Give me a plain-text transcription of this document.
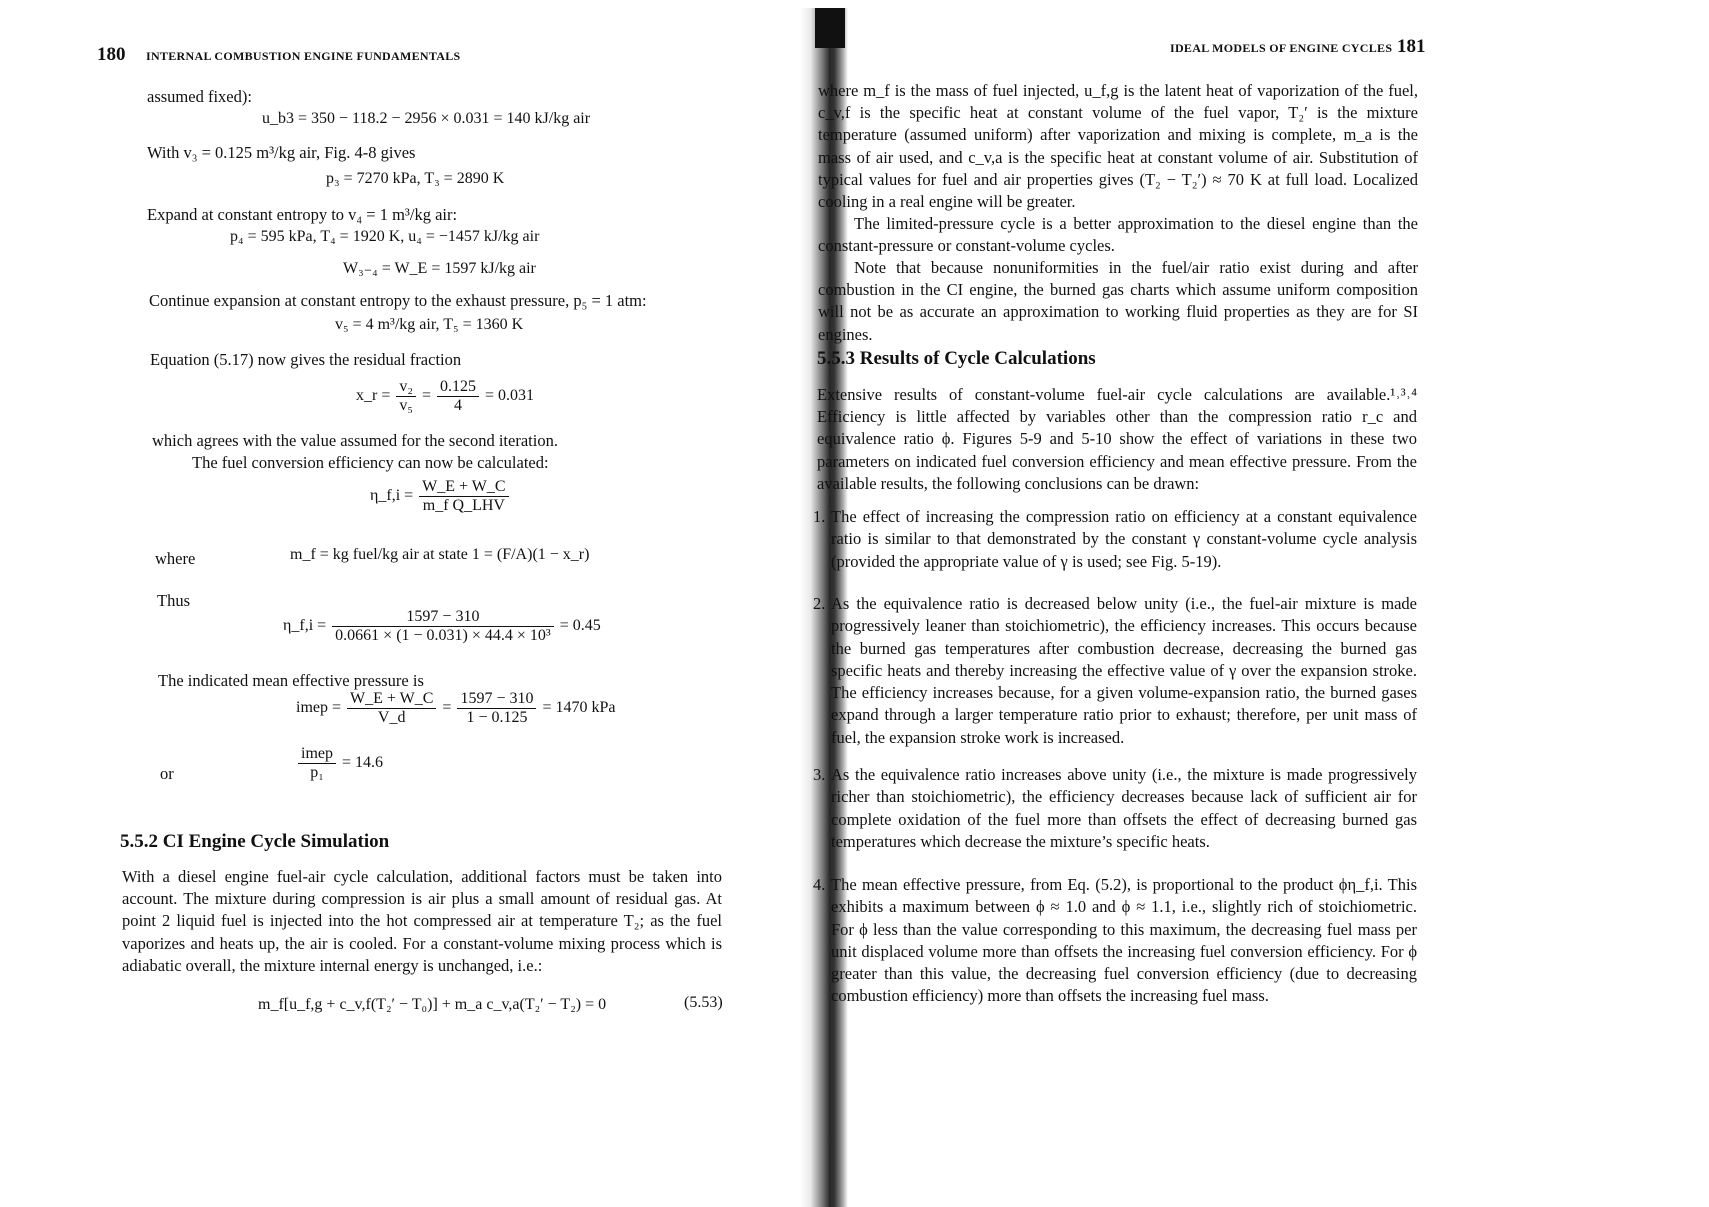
180 INTERNAL COMBUSTION ENGINE FUNDAMENTALS
assumed fixed):
u_b3 = 350 − 118.2 − 2956 × 0.031 = 140 kJ/kg air
With v₃ = 0.125 m³/kg air, Fig. 4-8 gives
p₃ = 7270 kPa, T₃ = 2890 K
Expand at constant entropy to v₄ = 1 m³/kg air:
p₄ = 595 kPa, T₄ = 1920 K, u₄ = −1457 kJ/kg air
W₃₋₄ = W_E = 1597 kJ/kg air
Continue expansion at constant entropy to the exhaust pressure, p₅ = 1 atm:
v₅ = 4 m³/kg air, T₅ = 1360 K
Equation (5.17) now gives the residual fraction
x_r = $\frac{\text{v₂}}{\text{v₅}} = \frac{0.125}{4} = 0.031$
which agrees with the value assumed for the second iteration.
The fuel conversion efficiency can now be calculated:
η_f,i = $\frac{W\_E + W\_C}{\text{m\_f Q\_LHV}}$
where	m_f = kg fuel/kg air at state 1 = (F/A)(1 − x_r)
Thus
η_f,i = $\frac{1597 - 310}{\text{0.0661 × (1 − 0.031) × 44.4 × 10³}} = 0.45$
The indicated mean effective pressure is
imep = $\frac{W\_E + W\_C}{V\_d} = \frac{1597 - 310}{1 - 0.125} = 1470$ kPa
or	$\frac{\text{imep}}{\text{p₁}} = 14.6$
5.5.2 CI Engine Cycle Simulation
With a diesel engine fuel-air cycle calculation, additional factors must be taken into account. The mixture during compression is air plus a small amount of residual gas. At point 2 liquid fuel is injected into the hot compressed air at temperature T₂; as the fuel vaporizes and heats up, the air is cooled. For a constant-volume mixing process which is adiabatic overall, the mixture internal energy is unchanged, i.e.:
m_f[u_f,g + c_v,f(T₂′ − T₀)] + m_a c_v,a(T₂′ − T₂) = 0	(5.53)
IDEAL MODELS OF ENGINE CYCLES 181
where m_f is the mass of fuel injected, u_f,g is the latent heat of vaporization of the fuel, c_v,f is the specific heat at constant volume of the fuel vapor, T₂′ is the mixture temperature (assumed uniform) after vaporization and mixing is complete, m_a is the mass of air used, and c_v,a is the specific heat at constant volume of air. Substitution of typical values for fuel and air properties gives (T₂ − T₂′) ≈ 70 K at full load. Localized cooling in a real engine will be greater.
The limited-pressure cycle is a better approximation to the diesel engine than the constant-pressure or constant-volume cycles.
Note that because nonuniformities in the fuel/air ratio exist during and after combustion in the CI engine, the burned gas charts which assume uniform composition will not be as accurate an approximation to working fluid properties as they are for SI engines.
5.5.3 Results of Cycle Calculations
Extensive results of constant-volume fuel-air cycle calculations are available.¹˒³˒⁴ Efficiency is little affected by variables other than the compression ratio r_c and equivalence ratio ϕ. Figures 5-9 and 5-10 show the effect of variations in these two parameters on indicated fuel conversion efficiency and mean effective pressure. From the available results, the following conclusions can be drawn:
1. The effect of increasing the compression ratio on efficiency at a constant equivalence ratio is similar to that demonstrated by the constant γ constant-volume cycle analysis (provided the appropriate value of γ is used; see Fig. 5-19).
2. As the equivalence ratio is decreased below unity (i.e., the fuel-air mixture is made progressively leaner than stoichiometric), the efficiency increases. This occurs because the burned gas temperatures after combustion decrease, decreasing the burned gas specific heats and thereby increasing the effective value of γ over the expansion stroke. The efficiency increases because, for a given volume-expansion ratio, the burned gases expand through a larger temperature ratio prior to exhaust; therefore, per unit mass of fuel, the expansion stroke work is increased.
3. As the equivalence ratio increases above unity (i.e., the mixture is made progressively richer than stoichiometric), the efficiency decreases because lack of sufficient air for complete oxidation of the fuel more than offsets the effect of decreasing burned gas temperatures which decrease the mixture’s specific heats.
4. The mean effective pressure, from Eq. (5.2), is proportional to the product ϕη_f,i. This exhibits a maximum between ϕ ≈ 1.0 and ϕ ≈ 1.1, i.e., slightly rich of stoichiometric. For ϕ less than the value corresponding to this maximum, the decreasing fuel mass per unit displaced volume more than offsets the increasing fuel conversion efficiency. For ϕ greater than this value, the decreasing fuel conversion efficiency (due to decreasing combustion efficiency) more than offsets the increasing fuel mass.
